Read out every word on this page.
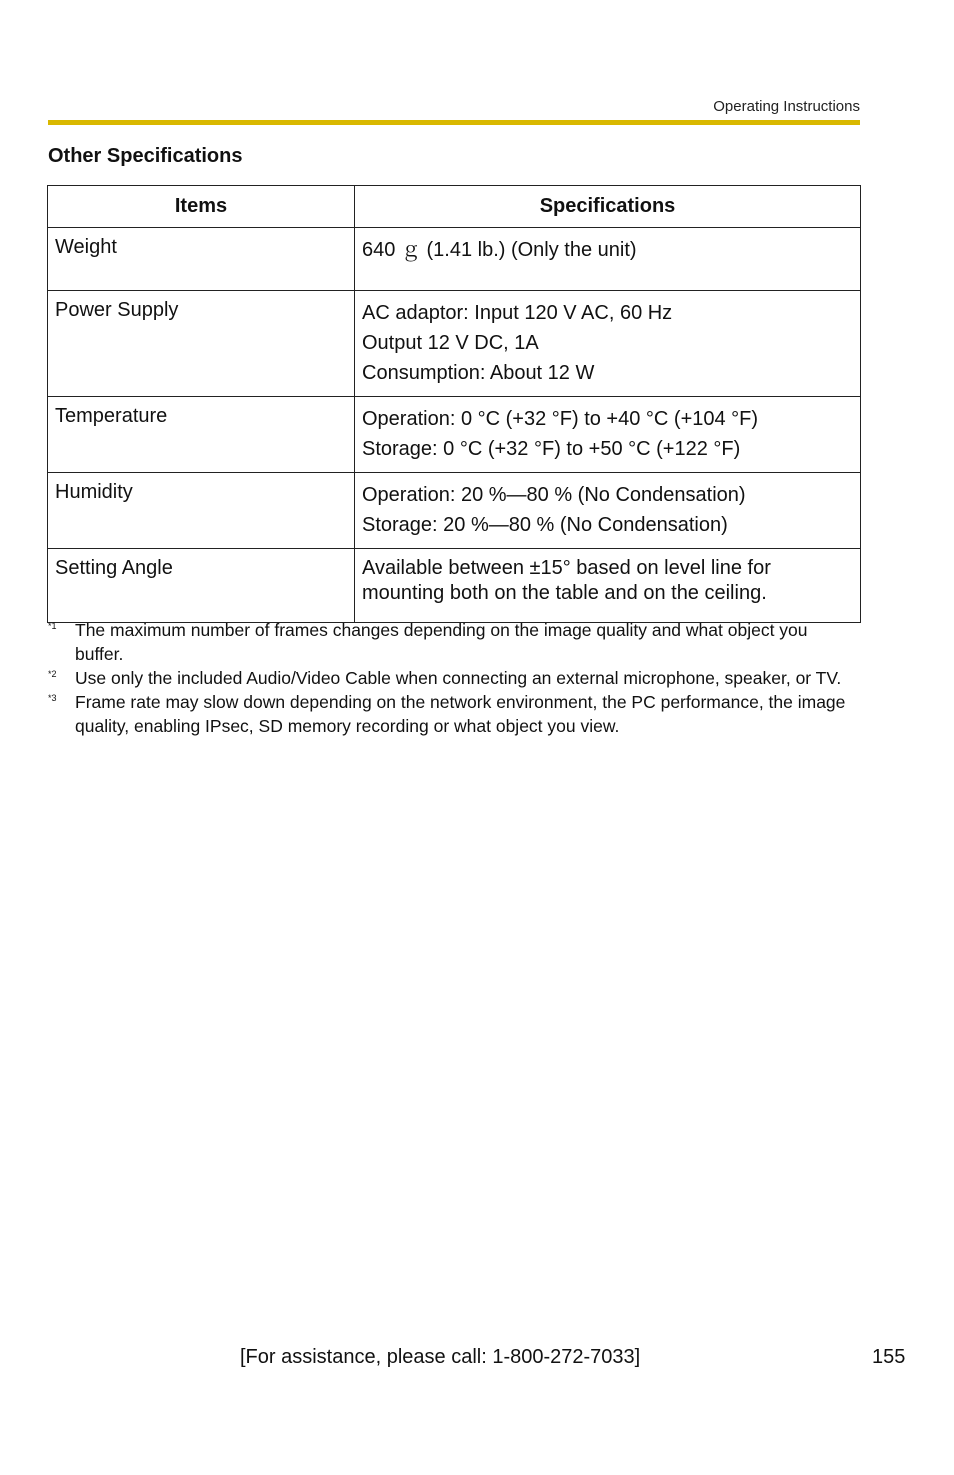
Operating Instructions
Other Specifications
Items	Specifications
Weight	640 ｇ (1.41 lb.) (Only the unit)

Power Supply	AC adaptor: Input 120 V AC, 60 Hz
Output 12 V DC, 1A
Consumption: About 12 W

Temperature	Operation: 0 °C (+32 °F) to +40 °C (+104 °F)
Storage: 0 °C (+32 °F) to +50 °C (+122 °F)

Humidity	Operation: 20 %—80 % (No Condensation)
Storage: 20 %—80 % (No Condensation)

Setting Angle	Available between ±15° based on level line for
mounting both on the table and on the ceiling.
*1 The maximum number of frames changes depending on the image quality and what object you buffer.
*2 Use only the included Audio/Video Cable when connecting an external microphone, speaker, or TV.
*3 Frame rate may slow down depending on the network environment, the PC performance, the image quality, enabling IPsec, SD memory recording or what object you view.
[For assistance, please call: 1-800-272-7033]	155
